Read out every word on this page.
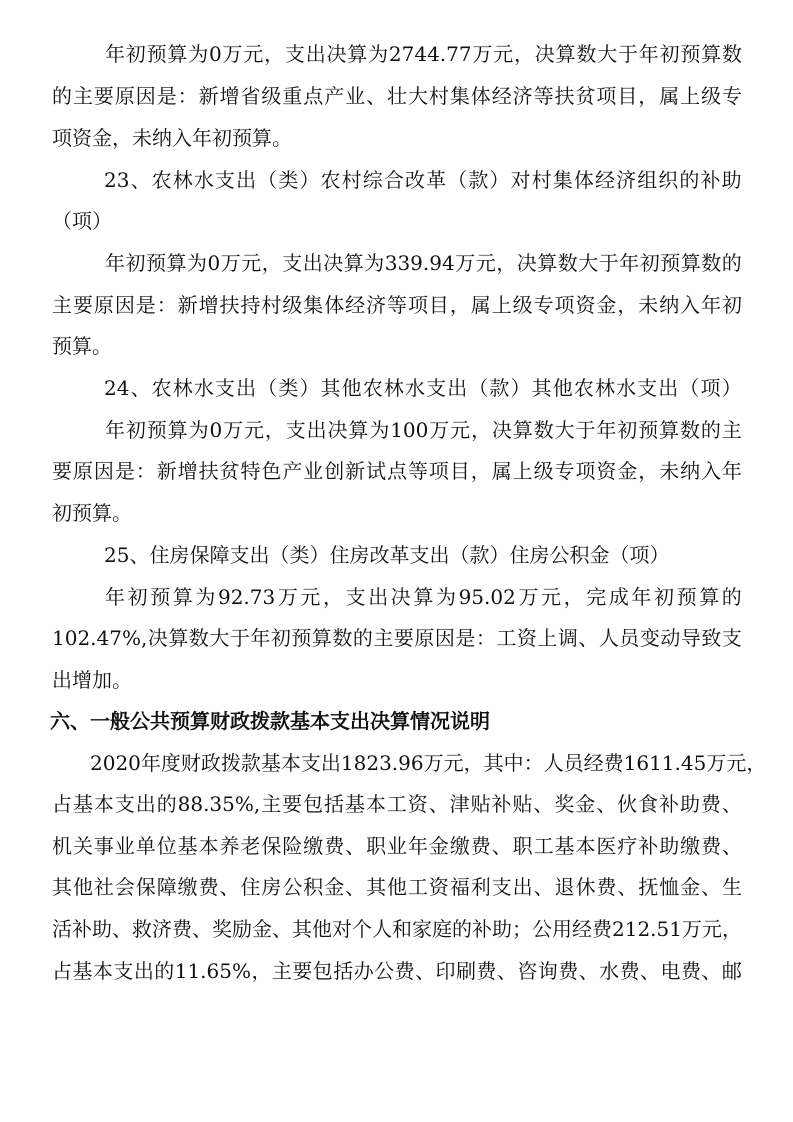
年 初 预 算 为 0 万 元 ， 支 出 决 算 为 2744.77 万 元 ， 决 算 数 大 于 年 初 预 算 数
的 主 要 原 因 是 ： 新 增 省 级 重 点 产 业 、 壮 大 村 集 体 经 济 等 扶 贫 项 目 ， 属 上 级 专
项资金，未纳入年初预算。
23 、 农 林 水 支 出 （ 类 ） 农 村 综 合 改 革 （ 款 ） 对 村 集 体 经 济 组 织 的 补 助
（项）
年 初 预 算 为 0 万 元 ， 支 出 决 算 为 339.94 万 元 ， 决 算 数 大 于 年 初 预 算 数 的
主 要 原 因 是 ： 新 增 扶 持 村 级 集 体 经 济 等 项 目 ， 属 上 级 专 项 资 金 ， 未 纳 入 年 初
预算。
24 、 农 林 水 支 出 （ 类 ） 其 他 农 林 水 支 出 （ 款 ） 其 他 农 林 水 支 出 （ 项 ）
年 初 预 算 为 0 万 元 ， 支 出 决 算 为 100 万 元 ， 决 算 数 大 于 年 初 预 算 数 的 主
要 原 因 是 ： 新 增 扶 贫 特 色 产 业 创 新 试 点 等 项 目 ， 属 上 级 专 项 资 金 ， 未 纳 入 年
初预算。
25、住房保障支出（类）住房改革支出（款）住房公积金（项）
年 初 预 算 为 92.73 万 元 ， 支 出 决 算 为 95.02 万 元 ， 完 成 年 初 预 算 的
102.47%, 决 算 数 大 于 年 初 预 算 数 的 主 要 原 因 是 ： 工 资 上 调 、 人 员 变 动 导 致 支
出增加。
六、一般公共预算财政拨款基本支出决算情况说明
2020 年 度 财 政 拨 款 基 本 支 出 1823.96 万 元 ， 其 中 ： 人 员 经 费 1611.45 万 元 ，
占 基 本 支 出 的 88.35%, 主 要 包 括 基 本 工 资 、 津 贴 补 贴 、 奖 金 、 伙 食 补 助 费 、
机 关 事 业 单 位 基 本 养 老 保 险 缴 费 、 职 业 年 金 缴 费 、 职 工 基 本 医 疗 补 助 缴 费 、
其 他 社 会 保 障 缴 费 、 住 房 公 积 金 、 其 他 工 资 福 利 支 出 、 退 休 费 、 抚 恤 金 、 生
活 补 助 、 救 济 费 、 奖 励 金 、 其 他 对 个 人 和 家 庭 的 补 助 ； 公 用 经 费 212.51 万 元 ，
占 基 本 支 出 的 11.65% ， 主 要 包 括 办 公 费 、 印 刷 费 、 咨 询 费 、 水 费 、 电 费 、 邮
